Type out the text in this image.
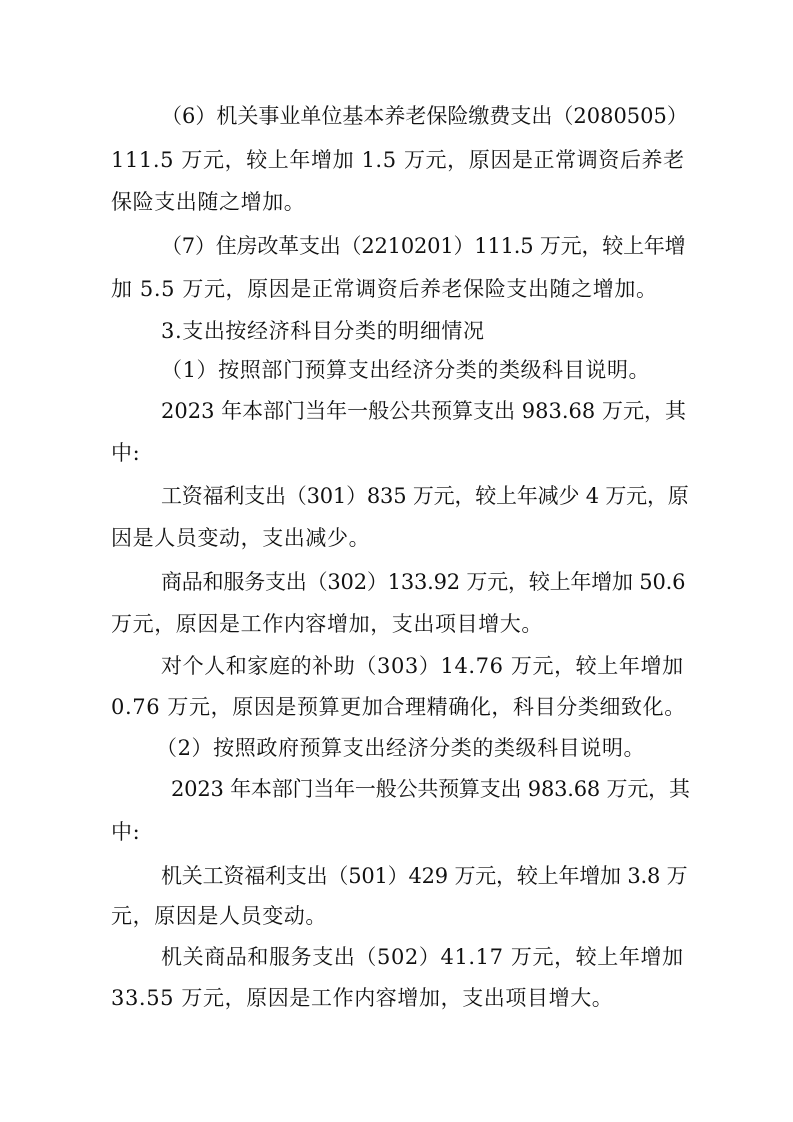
（6）机关事业单位基本养老保险缴费支出（2080505）

111.5 万元，较上年增加 1.5 万元，原因是正常调资后养老

保险支出随之增加。

（7）住房改革支出（2210201）111.5 万元，较上年增

加 5.5 万元，原因是正常调资后养老保险支出随之增加。

3.支出按经济科目分类的明细情况

（1）按照部门预算支出经济分类的类级科目说明。

2023 年本部门当年一般公共预算支出 983.68 万元，其

中:

工资福利支出（301）835 万元，较上年减少 4 万元，原

因是人员变动，支出减少。

商品和服务支出（302）133.92 万元，较上年增加 50.6

万元，原因是工作内容增加，支出项目增大。

对个人和家庭的补助（303）14.76 万元，较上年增加

0.76 万元，原因是预算更加合理精确化，科目分类细致化。

（2）按照政府预算支出经济分类的类级科目说明。

2023 年本部门当年一般公共预算支出 983.68 万元，其

中:

机关工资福利支出（501）429 万元，较上年增加 3.8 万

元，原因是人员变动。

机关商品和服务支出（502）41.17 万元，较上年增加

33.55 万元，原因是工作内容增加，支出项目增大。
